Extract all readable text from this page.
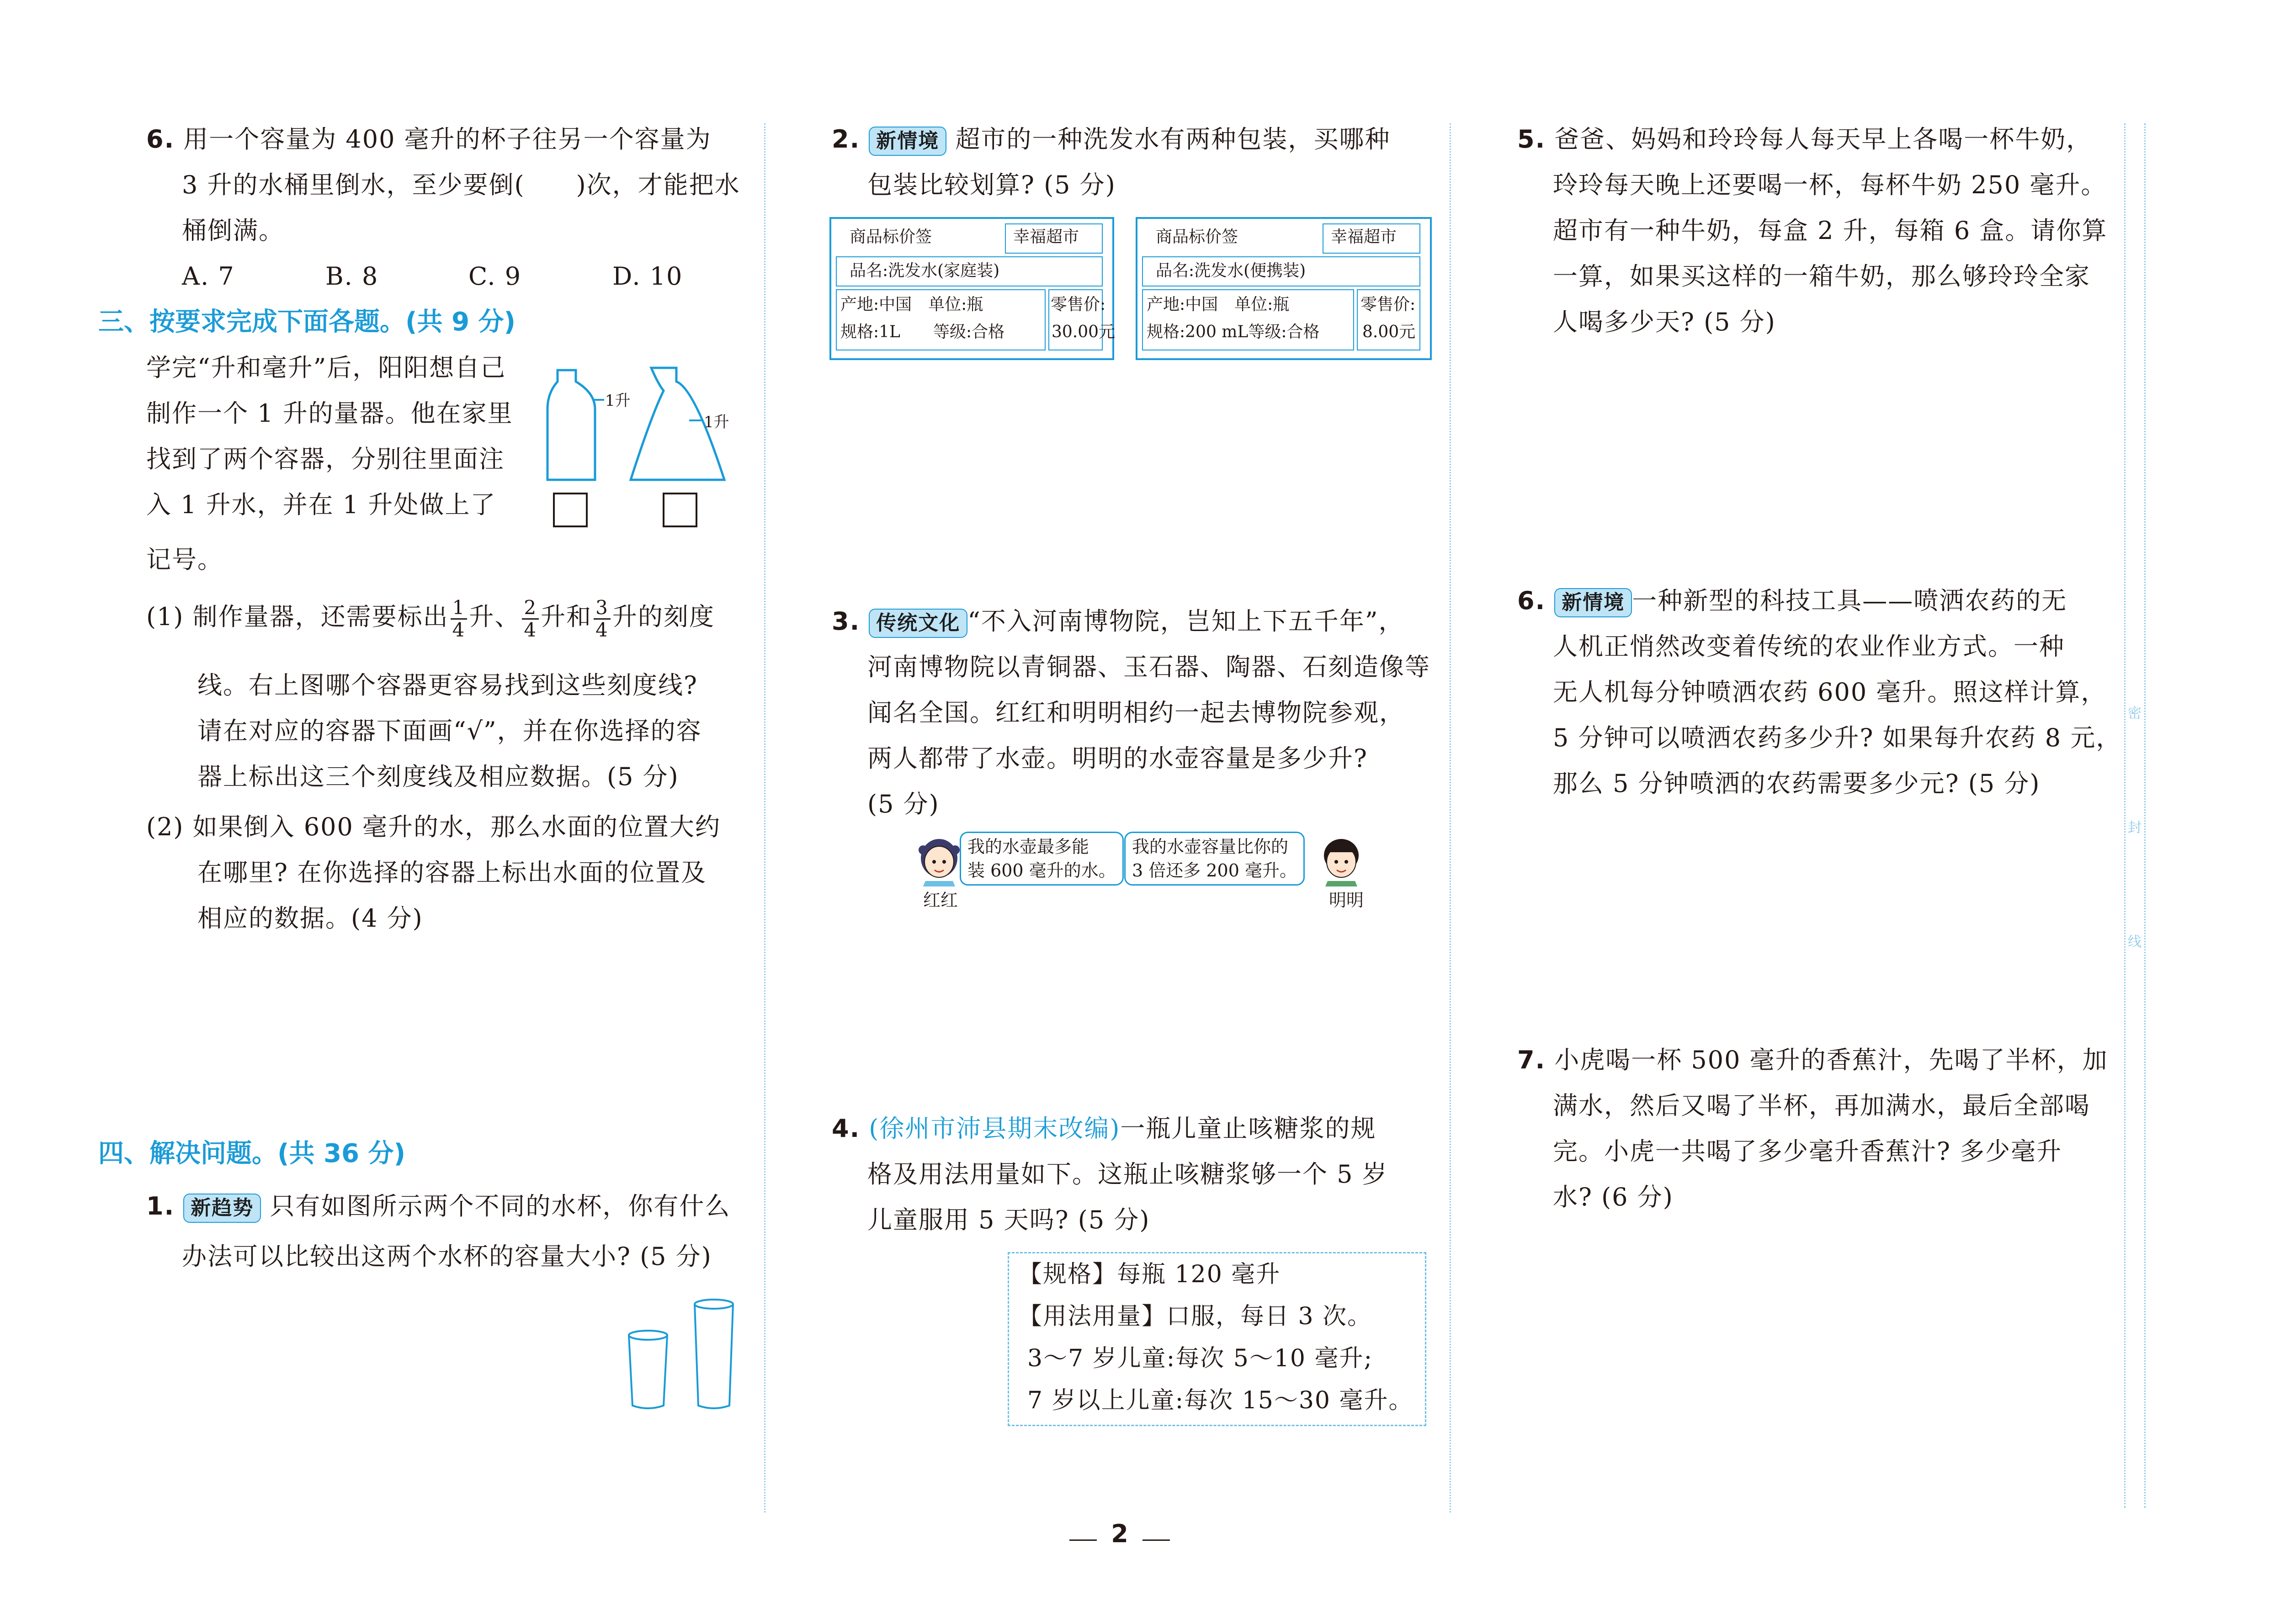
密
封
线
6. 用一个容量为 400 毫升的杯子往另一个容量为
3 升的水桶里倒水，至少要倒(　　)次，才能把水
桶倒满。
A. 7	B. 8	C. 9	D. 10
三、按要求完成下面各题。(共 9 分)
学完“升和毫升”后，阳阳想自己
制作一个 1 升的量器。他在家里
找到了两个容器，分别往里面注
入 1 升水，并在 1 升处做上了
记号。
1升
1升
(1) 制作量器，还需要标出 $\frac{1}{4}$ 升、 $\frac{2}{4}$ 升和 $\frac{3}{4}$ 升的刻度
线。右上图哪个容器更容易找到这些刻度线?
请在对应的容器下面画“√”，并在你选择的容
器上标出这三个刻度线及相应数据。(5 分)
(2) 如果倒入 600 毫升的水，那么水面的位置大约
在哪里? 在你选择的容器上标出水面的位置及
相应的数据。(4 分)
四、解决问题。(共 36 分)
1. 新趋势 只有如图所示两个不同的水杯，你有什么
办法可以比较出这两个水杯的容量大小? (5 分)
2. 新情境 超市的一种洗发水有两种包装，买哪种
包装比较划算? (5 分)
商品标价签	幸福超市
品名:洗发水(家庭装)
产地:中国　单位:瓶
规格:1L　　等级:合格
零售价:
30.00元
商品标价签	幸福超市
品名:洗发水(便携装)
产地:中国　单位:瓶
规格:200 mL等级:合格
零售价:
8.00元
3. 传统文化 “不入河南博物院，岂知上下五千年”，
河南博物院以青铜器、玉石器、陶器、石刻造像等
闻名全国。红红和明明相约一起去博物院参观，
两人都带了水壶。明明的水壶容量是多少升?
(5 分)
红红
我的水壶最多能
装 600 毫升的水。
我的水壶容量比你的
3 倍还多 200 毫升。
明明
4. (徐州市沛县期末改编)一瓶儿童止咳糖浆的规
格及用法用量如下。这瓶止咳糖浆够一个 5 岁
儿童服用 5 天吗? (5 分)
【规格】每瓶 120 毫升
【用法用量】口服，每日 3 次。
3～7 岁儿童:每次 5～10 毫升;
7 岁以上儿童:每次 15～30 毫升。
5. 爸爸、妈妈和玲玲每人每天早上各喝一杯牛奶，
玲玲每天晚上还要喝一杯，每杯牛奶 250 毫升。
超市有一种牛奶，每盒 2 升，每箱 6 盒。请你算
一算，如果买这样的一箱牛奶，那么够玲玲全家
人喝多少天? (5 分)
6. 新情境 一种新型的科技工具——喷洒农药的无
人机正悄然改变着传统的农业作业方式。一种
无人机每分钟喷洒农药 600 毫升。照这样计算，
5 分钟可以喷洒农药多少升? 如果每升农药 8 元，
那么 5 分钟喷洒的农药需要多少元? (5 分)
7. 小虎喝一杯 500 毫升的香蕉汁，先喝了半杯，加
满水，然后又喝了半杯，再加满水，最后全部喝
完。小虎一共喝了多少毫升香蕉汁? 多少毫升
水? (6 分)
2
